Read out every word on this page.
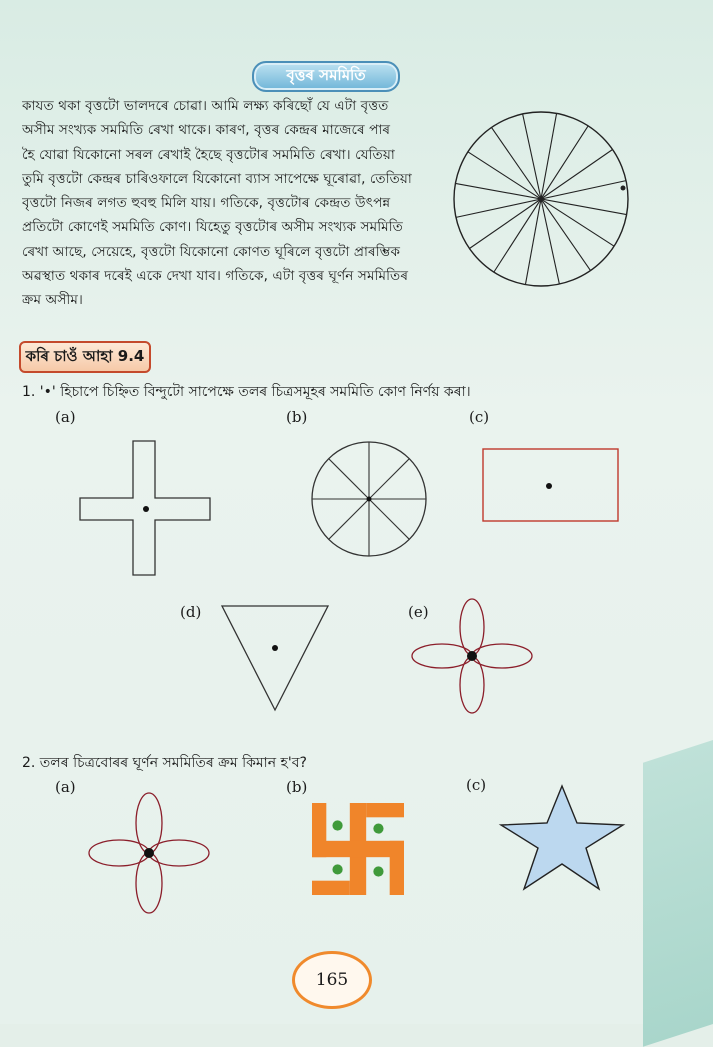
বৃত্তৰ সমমিতি
কাযত থকা বৃত্তটো ভালদৰে চোৱা। আমি লক্ষ্য কৰিছোঁ যে এটা বৃত্তত
অসীম সংখ্যক সমমিতি ৰেখা থাকে। কাৰণ, বৃত্তৰ কেন্দ্ৰৰ মাজেৰে পাৰ
হৈ যোৱা যিকোনো সৰল ৰেখাই হৈছে বৃত্তটোৰ সমমিতি ৰেখা। যেতিয়া
তুমি বৃত্তটো কেন্দ্ৰৰ চাৰিওফালে যিকোনো ব্যাস সাপেক্ষে ঘূৰোৱা, তেতিয়া
বৃত্তটো নিজৰ লগত হুবহু মিলি যায়। গতিকে, বৃত্তটোৰ কেন্দ্ৰত উৎপন্ন
প্ৰতিটো কোণেই সমমিতি কোণ। যিহেতু বৃত্তটোৰ অসীম সংখ্যক সমমিতি
ৰেখা আছে, সেয়েহে, বৃত্তটো যিকোনো কোণত ঘূৰিলে বৃত্তটো প্ৰাৰম্ভিক
অৱস্থাত থকাৰ দৰেই একে দেখা যাব। গতিকে, এটা বৃত্তৰ ঘূৰ্ণন সমমিতিৰ
ক্ৰম অসীম।
কৰি চাওঁ আহা 9.4
1. '•' হিচাপে চিহ্নিত বিন্দুটো সাপেক্ষে তলৰ চিত্ৰসমূহৰ সমমিতি কোণ নিৰ্ণয় কৰা।
(a)	(b)	(c)
(d)	(e)
2. তলৰ চিত্ৰবোৰৰ ঘূৰ্ণন সমমিতিৰ ক্ৰম কিমান হ'ব?
(a)	(b)	(c)
165
